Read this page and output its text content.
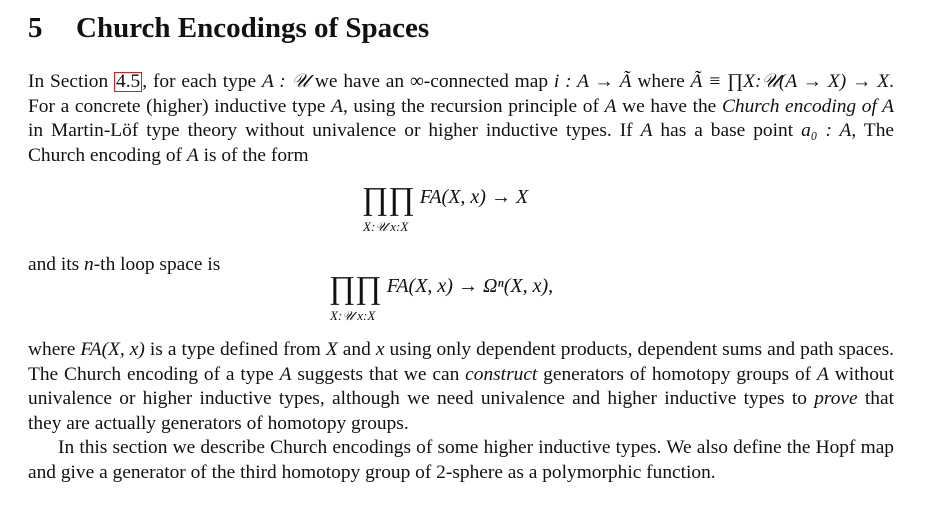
5 Church Encodings of Spaces

In Section 4.5 , for each type A : 𝒰 we have an ∞-connected map i : A → Ã where Ã ≡ ∏X:𝒰(A → X) → X. For a concrete (higher) inductive type A, using the recursion principle of A we have the Church encoding of A in Martin-Löf type theory without univalence or higher inductive types. If A has a base point a₀ : A, The Church encoding of A is of the form

∏∏ FA(X, x) → X
X:𝒰 x:X
and its n-th loop space is
∏∏ FA(X, x) → Ωⁿ(X, x),
X:𝒰 x:X

where FA(X, x) is a type defined from X and x using only dependent products, dependent sums and path spaces. The Church encoding of a type A suggests that we can construct generators of homotopy groups of A without univalence or higher inductive types, although we need univalence and higher inductive types to prove that they are actually generators of homotopy groups.

In this section we describe Church encodings of some higher inductive types. We also define the Hopf map and give a generator of the third homotopy group of 2-sphere as a polymorphic function.
